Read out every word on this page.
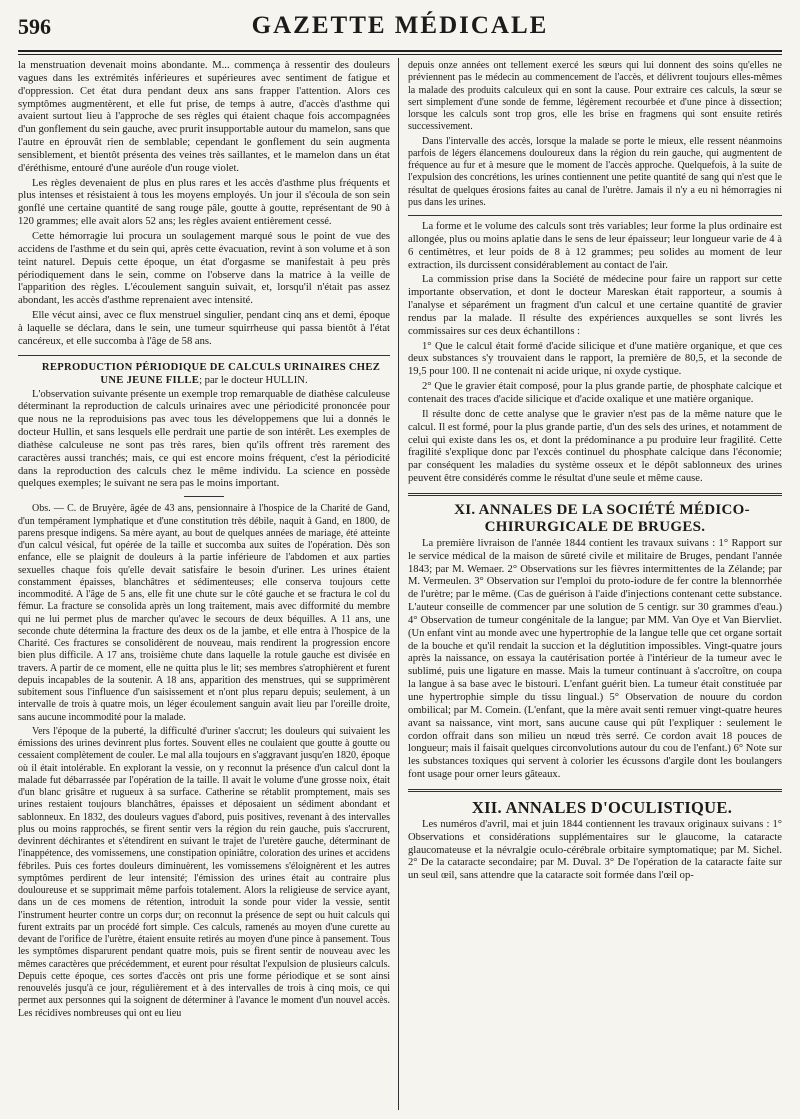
596	GAZETTE MÉDICALE

la menstruation devenait moins abondante. M... commença à ressentir des douleurs vagues dans les extrémités inférieures et supérieures avec sentiment de fatigue et d'oppression. Cet état dura pendant deux ans sans frapper l'attention. Alors ces symptômes augmentèrent, et elle fut prise, de temps à autre, d'accès d'asthme qui avaient surtout lieu à l'approche de ses règles qui étaient chaque fois accompagnées d'un gonflement du sein gauche, avec prurit insupportable autour du mamelon, sans que l'autre en éprouvât rien de semblable; cependant le gonflement du sein augmenta sensiblement, et bientôt présenta des veines très saillantes, et le mamelon dans un état d'éréthisme, entouré d'une auréole d'un rouge violet.

Les règles devenaient de plus en plus rares et les accès d'asthme plus fréquents et plus intenses et résistaient à tous les moyens employés. Un jour il s'écoula de son sein gonflé une certaine quantité de sang rouge pâle, goutte à goutte, représentant de 90 à 120 grammes; elle avait alors 52 ans; les règles avaient entièrement cessé.

Cette hémorragie lui procura un soulagement marqué sous le point de vue des accidens de l'asthme et du sein qui, après cette évacuation, revint à son volume et à son teint naturel. Depuis cette époque, un état d'orgasme se manifestait à peu près périodiquement dans le sein, comme on l'observe dans la matrice à la veille de l'apparition des règles. L'écoulement sanguin suivait, et, lorsqu'il n'était pas assez abondant, les accès d'asthme reprenaient avec intensité.

Elle vécut ainsi, avec ce flux menstruel singulier, pendant cinq ans et demi, époque à laquelle se déclara, dans le sein, une tumeur squirrheuse qui passa bientôt à l'état cancéreux, et elle succomba à l'âge de 58 ans.

REPRODUCTION PÉRIODIQUE DE CALCULS URINAIRES CHEZ UNE JEUNE FILLE; par le docteur HULLIN.

L'observation suivante présente un exemple trop remarquable de diathèse calculeuse déterminant la reproduction de calculs urinaires avec une périodicité prononcée pour que nous ne la reproduisions pas avec tous les développemens que lui a donnés le docteur Hullin, et sans lesquels elle perdrait une partie de son intérêt. Les exemples de diathèse calculeuse ne sont pas très rares, bien qu'ils offrent très rarement des caractères aussi tranchés; mais, ce qui est encore moins fréquent, c'est la périodicité dans la reproduction des calculs chez le même individu. La science en possède quelques exemples; le suivant ne sera pas le moins important.

Obs. — C. de Bruyère, âgée de 43 ans, pensionnaire à l'hospice de la Charité de Gand, d'un tempérament lymphatique et d'une constitution très débile, naquit à Gand, en 1800, de parens presque indigens. Sa mère ayant, au bout de quelques années de mariage, été atteinte d'un calcul vésical, fut opérée de la taille et succomba aux suites de l'opération. Dès son enfance, elle se plaignit de douleurs à la partie inférieure de l'abdomen et aux parties sexuelles chaque fois qu'elle devait satisfaire le besoin d'uriner. Les urines étaient constamment épaisses, blanchâtres et sédimenteuses; elle conserva toujours cette incommodité. A l'âge de 5 ans, elle fit une chute sur le côté gauche et se fractura le col du fémur. La fracture se consolida après un long traitement, mais avec difformité du membre qui ne lui permet plus de marcher qu'avec le secours de deux béquilles. A 11 ans, une seconde chute détermina la fracture des deux os de la jambe, et elle entra à l'hospice de la Charité. Ces fractures se consolidèrent de nouveau, mais rendirent la progression encore bien plus difficile. A 17 ans, troisième chute dans laquelle la rotule gauche est divisée en travers. A partir de ce moment, elle ne quitta plus le lit; ses membres s'atrophièrent et furent depuis incapables de la soutenir. A 18 ans, apparition des menstrues, qui se supprimèrent subitement sous l'influence d'un saisissement et n'ont plus reparu depuis; seulement, à un intervalle de trois à quatre mois, un léger écoulement sanguin avait lieu par l'oreille droite, sans aucune incommodité pour la malade.

Vers l'époque de la puberté, la difficulté d'uriner s'accrut; les douleurs qui suivaient les émissions des urines devinrent plus fortes. Souvent elles ne coulaient que goutte à goutte ou cessaient complètement de couler. Le mal alla toujours en s'aggravant jusqu'en 1820, époque où il était intolérable. En explorant la vessie, on y reconnut la présence d'un calcul dont la malade fut débarrassée par l'opération de la taille. Il avait le volume d'une grosse noix, était d'un blanc grisâtre et rugueux à sa surface. Catherine se rétablit promptement, mais ses urines restaient toujours blanchâtres, épaisses et déposaient un sédiment abondant et sablonneux. En 1832, des douleurs vagues d'abord, puis positives, revenant à des intervalles plus ou moins rapprochés, se firent sentir vers la région du rein gauche, puis s'accrurent, devinrent déchirantes et s'étendirent en suivant le trajet de l'uretère gauche, déterminant de l'inappétence, des vomissemens, une constipation opiniâtre, coloration des urines et accidens fébriles. Puis ces fortes douleurs diminuèrent, les vomissemens s'éloignèrent et les autres symptômes perdirent de leur intensité; l'émission des urines était au contraire plus douloureuse et se supprimait même parfois totalement. Alors la religieuse de service ayant, dans un de ces momens de rétention, introduit la sonde pour vider la vessie, sentit l'instrument heurter contre un corps dur; on reconnut la présence de sept ou huit calculs qui furent extraits par un procédé fort simple. Ces calculs, ramenés au moyen d'une curette au devant de l'orifice de l'urètre, étaient ensuite retirés au moyen d'une pince à pansement. Tous les symptômes disparurent pendant quatre mois, puis se firent sentir de nouveau avec les mêmes caractères que précédemment, et eurent pour résultat l'expulsion de plusieurs calculs. Depuis cette époque, ces sortes d'accès ont pris une forme périodique et se sont ainsi renouvelés jusqu'à ce jour, régulièrement et à des intervalles de trois à cinq mois, ce qui permet aux personnes qui la soignent de déterminer à l'avance le moment d'un nouvel accès. Les récidives nombreuses qui ont eu lieu

depuis onze années ont tellement exercé les sœurs qui lui donnent des soins qu'elles ne préviennent pas le médecin au commencement de l'accès, et délivrent toujours elles-mêmes la malade des produits calculeux qui en sont la cause. Pour extraire ces calculs, la sœur se sert simplement d'une sonde de femme, légèrement recourbée et d'une pince à dissection; lorsque les calculs sont trop gros, elle les brise en fragmens qui sont ensuite retirés successivement.

Dans l'intervalle des accès, lorsque la malade se porte le mieux, elle ressent néanmoins parfois de légers élancemens douloureux dans la région du rein gauche, qui augmentent de fréquence au fur et à mesure que le moment de l'accès approche. Quelquefois, à la suite de l'expulsion des concrétions, les urines contiennent une petite quantité de sang qui n'est que le résultat de quelques érosions faites au canal de l'urètre. Jamais il n'y a eu ni hémorragies ni pus dans les urines.

La forme et le volume des calculs sont très variables; leur forme la plus ordinaire est allongée, plus ou moins aplatie dans le sens de leur épaisseur; leur longueur varie de 4 à 6 centimètres, et leur poids de 8 à 12 grammes; peu solides au moment de leur extraction, ils durcissent considérablement au contact de l'air.

La commission prise dans la Société de médecine pour faire un rapport sur cette importante observation, et dont le docteur Mareskan était rapporteur, a soumis à l'analyse et séparément un fragment d'un calcul et une certaine quantité de gravier rendus par la malade. Il résulte des expériences auxquelles se sont livrés les commissaires sur ces deux échantillons :

1° Que le calcul était formé d'acide silicique et d'une matière organique, et que ces deux substances s'y trouvaient dans le rapport, la première de 80,5, et la seconde de 19,5 pour 100. Il ne contenait ni acide urique, ni oxyde cystique.

2° Que le gravier était composé, pour la plus grande partie, de phosphate calcique et contenait des traces d'acide silicique et d'acide oxalique et une matière organique.

Il résulte donc de cette analyse que le gravier n'est pas de la même nature que le calcul. Il est formé, pour la plus grande partie, d'un des sels des urines, et notamment de celui qui existe dans les os, et dont la prédominance a pu produire leur fragilité. Cette fragilité s'explique donc par l'excès continuel du phosphate calcique dans l'économie; par conséquent les maladies du système osseux et le dépôt sablonneux des urines peuvent être considérés comme le résultat d'une seule et même cause.

XI. ANNALES DE LA SOCIÉTÉ MÉDICO-CHIRURGICALE DE BRUGES.

La première livraison de l'année 1844 contient les travaux suivans : 1° Rapport sur le service médical de la maison de sûreté civile et militaire de Bruges, pendant l'année 1843; par M. Wemaer. 2° Observations sur les fièvres intermittentes de la Zélande; par M. Vermeulen. 3° Observation sur l'emploi du proto-iodure de fer contre la blennorrhée de l'urètre; par le même. (Cas de guérison à l'aide d'injections contenant cette substance. L'auteur conseille de commencer par une solution de 5 centigr. sur 30 grammes d'eau.) 4° Observation de tumeur congénitale de la langue; par MM. Van Oye et Van Biervliet. (Un enfant vint au monde avec une hypertrophie de la langue telle que cet organe sortait de la bouche et qu'il rendait la succion et la déglutition impossibles. Vingt-quatre jours après la naissance, on essaya la cautérisation portée à l'intérieur de la tumeur avec le sublimé, puis une ligature en masse. Mais la tumeur continuant à s'accroître, on coupa la langue à sa base avec le bistouri. L'enfant guérit bien. La tumeur était constituée par une hypertrophie simple du tissu lingual.) 5° Observation de nouure du cordon ombilical; par M. Comein. (L'enfant, que la mère avait senti remuer vingt-quatre heures avant sa naissance, vint mort, sans aucune cause qui pût l'expliquer : seulement le cordon offrait dans son milieu un nœud très serré. Ce cordon avait 18 pouces de longueur; mais il faisait quelques circonvolutions autour du cou de l'enfant.) 6° Note sur les substances toxiques qui servent à colorier les écussons d'argile dont les boulangers font usage pour orner leurs gâteaux.

XII. ANNALES D'OCULISTIQUE.

Les numéros d'avril, mai et juin 1844 contiennent les travaux originaux suivans : 1° Observations et considérations supplémentaires sur le glaucome, la cataracte glaucomateuse et la névralgie oculo-cérébrale orbitaire symptomatique; par M. Sichel. 2° De la cataracte secondaire; par M. Duval. 3° De l'opération de la cataracte faite sur un seul œil, sans attendre que la cataracte soit formée dans l'œil op-
